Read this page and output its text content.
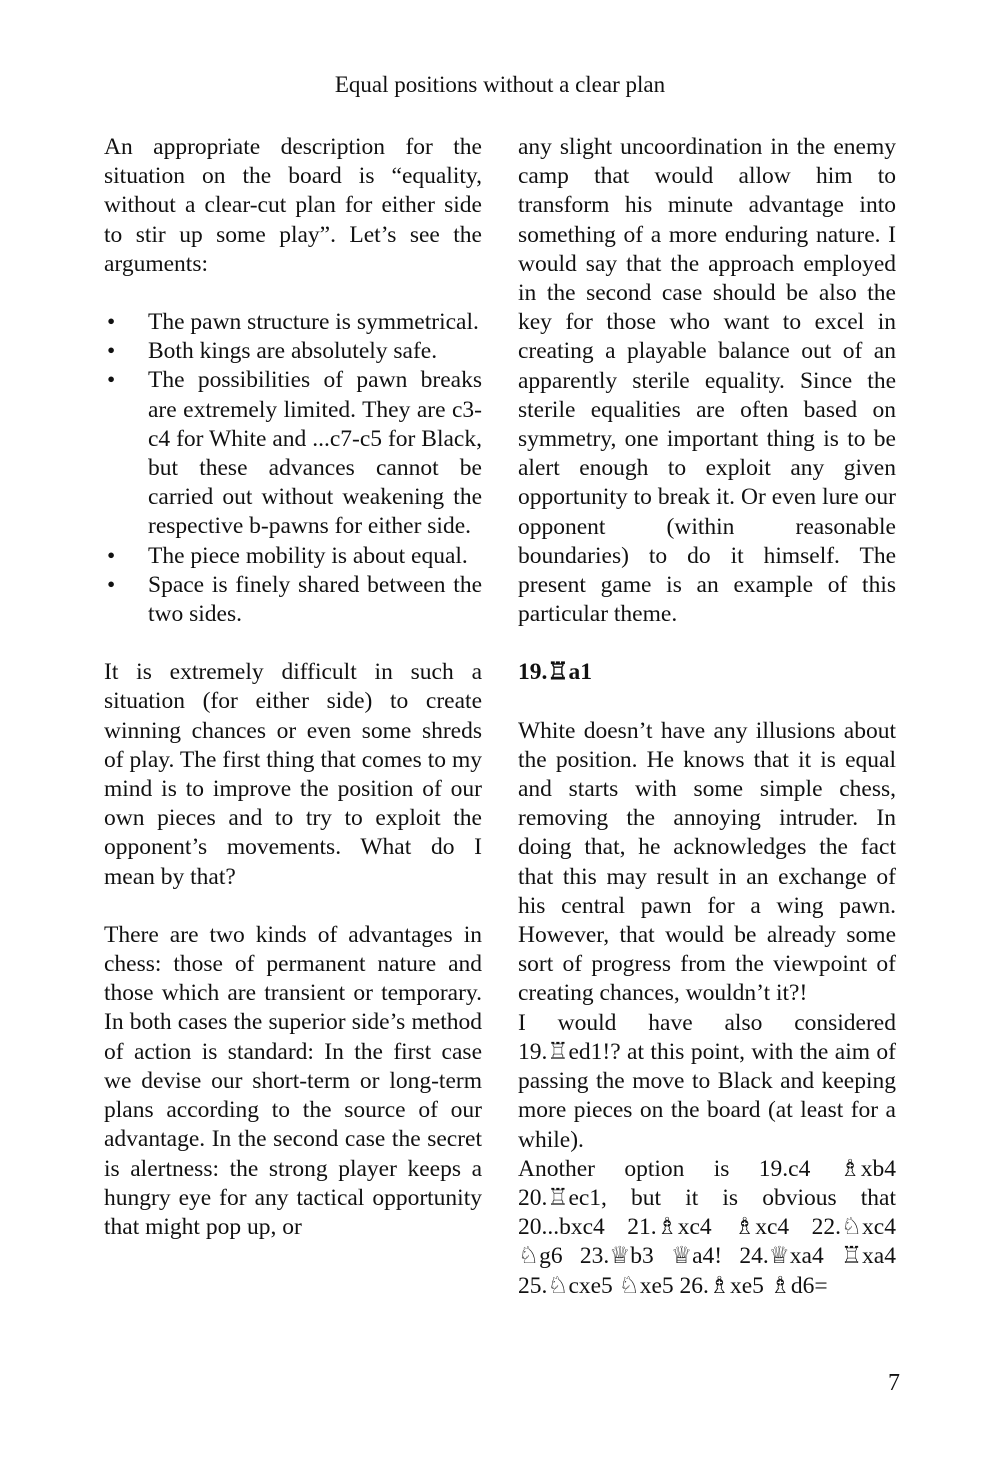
Equal positions without a clear plan

An appropriate description for the situation on the board is “equality, without a clear-cut plan for either side to stir up some play”. Let’s see the arguments:

• The pawn structure is symmetrical.
• Both kings are absolutely safe.
• The possibilities of pawn breaks are extremely limited. They are c3-c4 for White and ...c7-c5 for Black, but these advances cannot be carried out without weakening the respective b-pawns for either side.
• The piece mobility is about equal.
• Space is finely shared between the two sides.

It is extremely difficult in such a situation (for either side) to create winning chances or even some shreds of play. The first thing that comes to my mind is to improve the position of our own pieces and to try to exploit the opponent’s movements. What do I mean by that?

There are two kinds of advantages in chess: those of permanent nature and those which are transient or temporary. In both cases the superior side’s method of action is standard: In the first case we devise our short-term or long-term plans according to the source of our advantage. In the second case the secret is alertness: the strong player keeps a hungry eye for any tactical opportunity that might pop up, or

any slight uncoordination in the enemy camp that would allow him to transform his minute advantage into something of a more enduring nature. I would say that the approach employed in the second case should be also the key for those who want to excel in creating a playable balance out of an apparently sterile equality. Since the sterile equalities are often based on symmetry, one important thing is to be alert enough to exploit any given opportunity to break it. Or even lure our opponent (within reasonable boundaries) to do it himself. The present game is an example of this particular theme.

19.♖a1

White doesn’t have any illusions about the position. He knows that it is equal and starts with some simple chess, removing the annoying intruder. In doing that, he acknowledges the fact that this may result in an exchange of his central pawn for a wing pawn. However, that would be already some sort of progress from the viewpoint of creating chances, wouldn’t it?!

I would have also considered 19.♖ed1!? at this point, with the aim of passing the move to Black and keeping more pieces on the board (at least for a while).

Another option is 19.c4 ♗xb4 20.♖ec1, but it is obvious that 20...bxc4 21.♗xc4 ♗xc4 22.♘xc4 ♘g6 23.♕b3 ♕a4! 24.♕xa4 ♖xa4 25.♘cxe5 ♘xe5 26.♗xe5 ♗d6=

7
